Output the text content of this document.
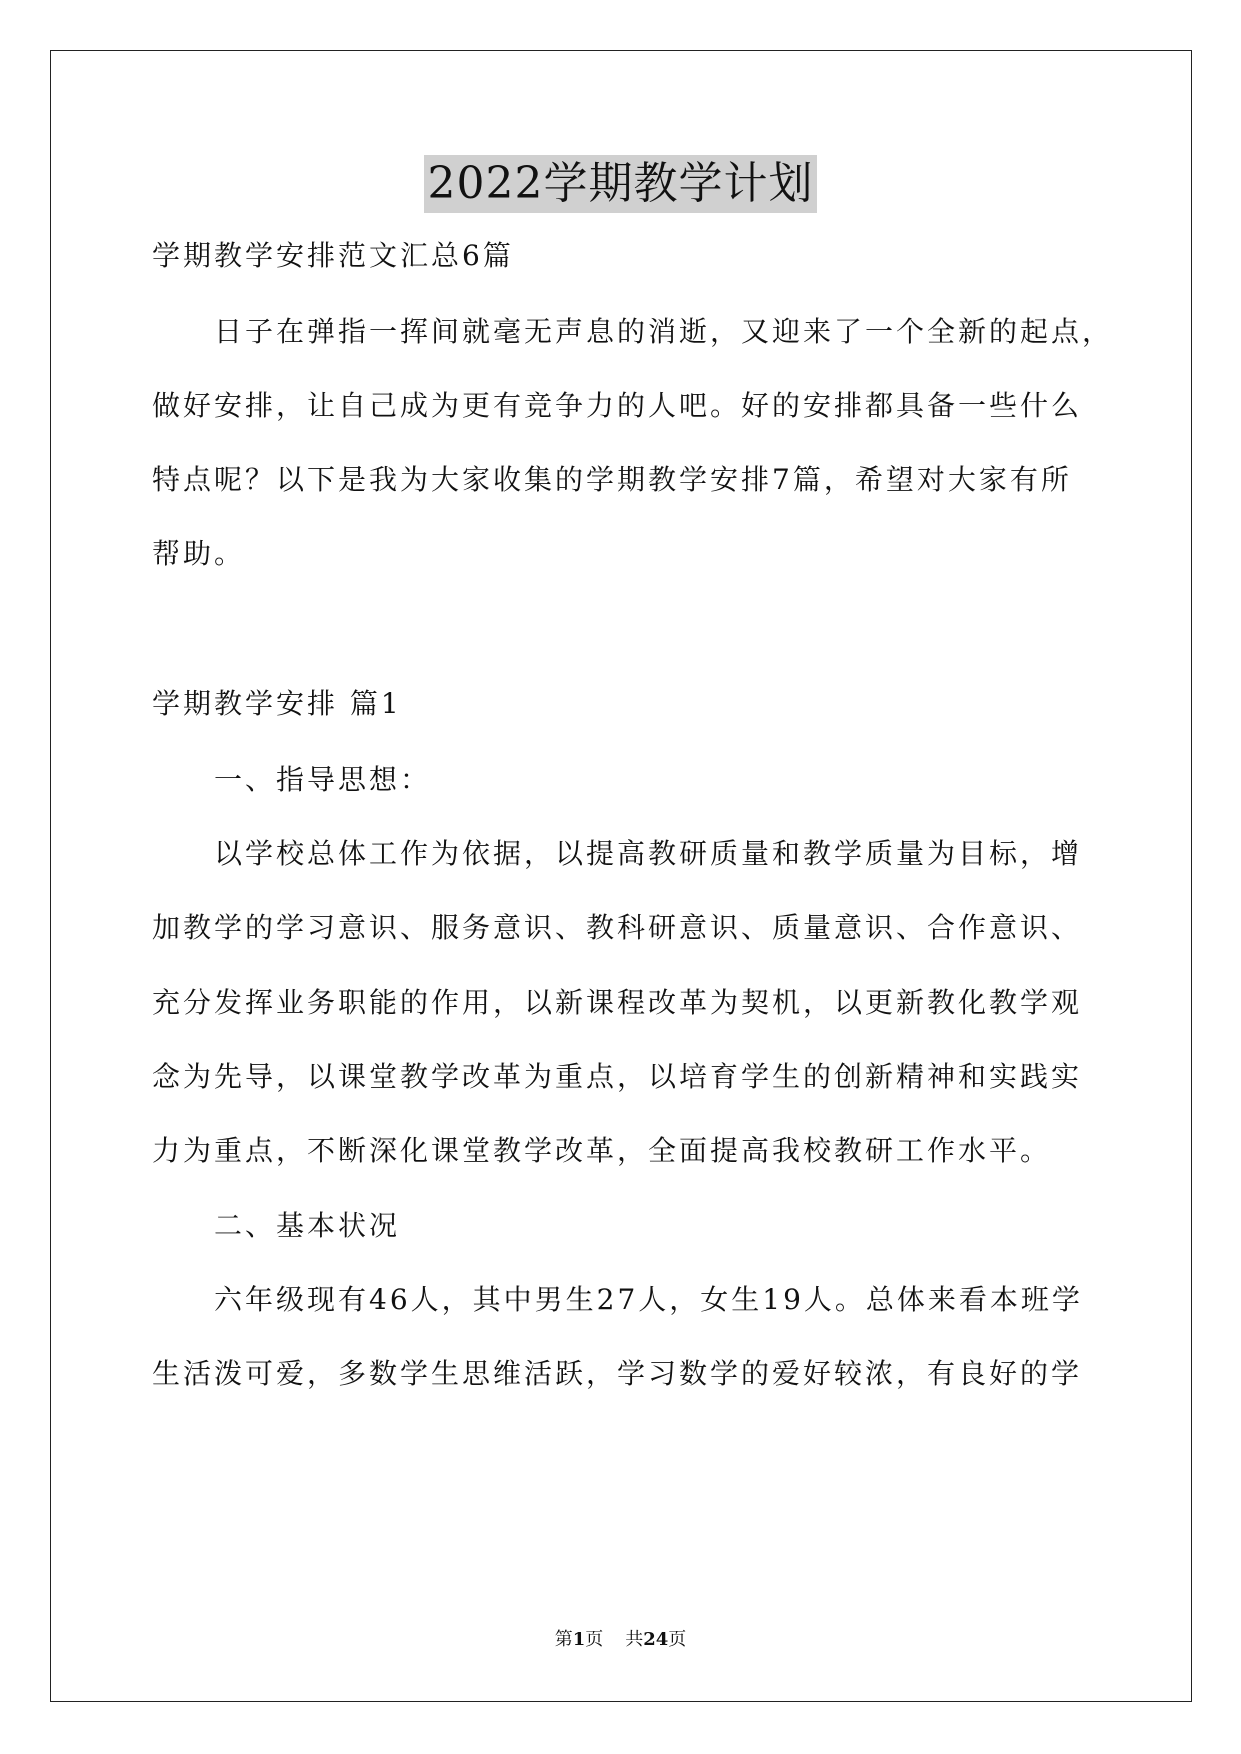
2022学期教学计划
学期教学安排范文汇总6篇
日子在弹指一挥间就毫无声息的消逝，又迎来了一个全新的起点，
做好安排，让自己成为更有竞争力的人吧。好的安排都具备一些什么
特点呢？以下是我为大家收集的学期教学安排7篇，希望对大家有所
帮助。
学期教学安排 篇1
一、指导思想：
以学校总体工作为依据，以提高教研质量和教学质量为目标，增
加教学的学习意识、服务意识、教科研意识、质量意识、合作意识、
充分发挥业务职能的作用，以新课程改革为契机，以更新教化教学观
念为先导，以课堂教学改革为重点，以培育学生的创新精神和实践实
力为重点，不断深化课堂教学改革，全面提高我校教研工作水平。
二、基本状况
六年级现有46人，其中男生27人，女生19人。总体来看本班学
生活泼可爱，多数学生思维活跃，学习数学的爱好较浓，有良好的学
第1页 共24页
